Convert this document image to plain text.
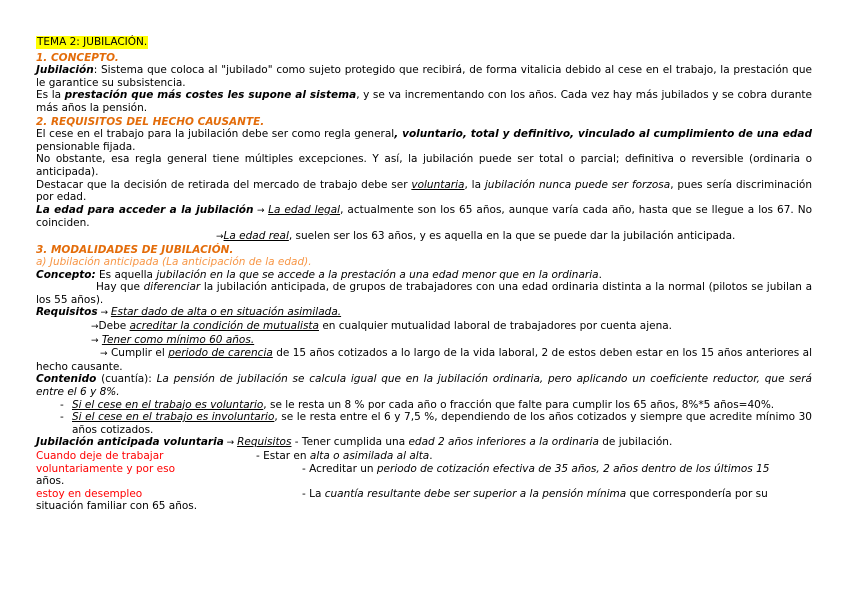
TEMA 2: JUBILACIÓN.

1. CONCEPTO.

Jubilación: Sistema que coloca al "jubilado" como sujeto protegido que recibirá, de forma vitalicia debido al cese en el trabajo, la prestación que le garantice su subsistencia.

Es la prestación que más costes les supone al sistema, y se va incrementando con los años. Cada vez hay más jubilados y se cobra durante más años la pensión.

2. REQUISITOS DEL HECHO CAUSANTE.

El cese en el trabajo para la jubilación debe ser como regla general, voluntario, total y definitivo, vinculado al cumplimiento de una edad pensionable fijada.

No obstante, esa regla general tiene múltiples excepciones. Y así, la jubilación puede ser total o parcial; definitiva o reversible (ordinaria o anticipada).

Destacar que la decisión de retirada del mercado de trabajo debe ser voluntaria, la jubilación nunca puede ser forzosa, pues sería discriminación por edad.

La edad para acceder a la jubilación → La edad legal, actualmente son los 65 años, aunque varía cada año, hasta que se llegue a los 67. No coinciden.

→La edad real, suelen ser los 63 años, y es aquella en la que se puede dar la jubilación anticipada.

3. MODALIDADES DE JUBILACIÓN.

a) Jubilación anticipada (La anticipación de la edad).

Concepto: Es aquella jubilación en la que se accede a la prestación a una edad menor que en la ordinaria.

Hay que diferenciar la jubilación anticipada, de grupos de trabajadores con una edad ordinaria distinta a la normal (pilotos se jubilan a los 55 años).

Requisitos → Estar dado de alta o en situación asimilada.

→Debe acreditar la condición de mutualista en cualquier mutualidad laboral de trabajadores por cuenta ajena.

→ Tener como mínimo 60 años.

→ Cumplir el periodo de carencia de 15 años cotizados a lo largo de la vida laboral, 2 de estos deben estar en los 15 años anteriores al hecho causante.

Contenido (cuantía): La pensión de jubilación se calcula igual que en la jubilación ordinaria, pero aplicando un coeficiente reductor, que será entre el 6 y 8%.

- Si el cese en el trabajo es voluntario, se le resta un 8 % por cada año o fracción que falte para cumplir los 65 años, 8%*5 años=40%.
- Si el cese en el trabajo es involuntario, se le resta entre el 6 y 7,5 %, dependiendo de los años cotizados y siempre que acredite mínimo 30 años cotizados.

Jubilación anticipada voluntaria → Requisitos - Tener cumplida una edad 2 años inferiores a la ordinaria de jubilación.

Cuando deje de trabajar	- Estar en alta o asimilada al alta.
voluntariamente y por eso	- Acreditar un periodo de cotización efectiva de 35 años, 2 años dentro de los últimos 15

años.

estoy en desempleo	- La cuantía resultante debe ser superior a la pensión mínima que correspondería por su

situación familiar con 65 años.
